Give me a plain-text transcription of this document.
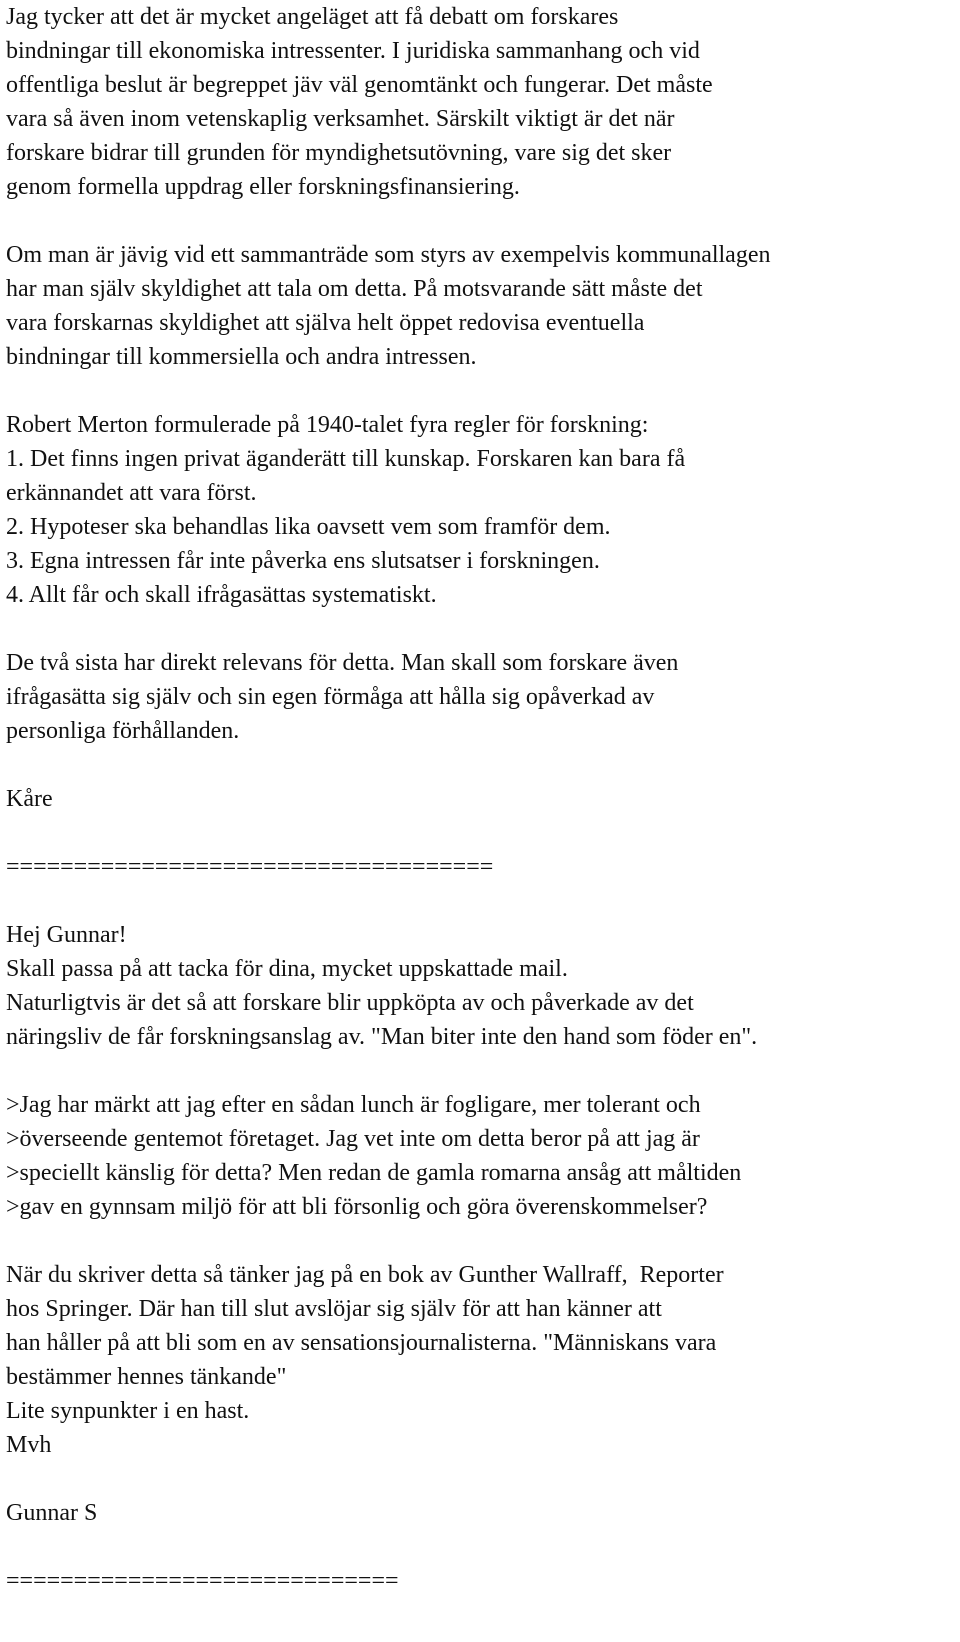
Jag tycker att det är mycket angeläget att få debatt om forskares
bindningar till ekonomiska intressenter. I juridiska sammanhang och vid
offentliga beslut är begreppet jäv väl genomtänkt och fungerar. Det måste
vara så även inom vetenskaplig verksamhet. Särskilt viktigt är det när
forskare bidrar till grunden för myndighetsutövning, vare sig det sker
genom formella uppdrag eller forskningsfinansiering.
Om man är jävig vid ett sammanträde som styrs av exempelvis kommunallagen
har man själv skyldighet att tala om detta. På motsvarande sätt måste det
vara forskarnas skyldighet att själva helt öppet redovisa eventuella
bindningar till kommersiella och andra intressen.
Robert Merton formulerade på 1940-talet fyra regler för forskning:
1. Det finns ingen privat äganderätt till kunskap. Forskaren kan bara få
erkännandet att vara först.
2. Hypoteser ska behandlas lika oavsett vem som framför dem.
3. Egna intressen får inte påverka ens slutsatser i forskningen.
4. Allt får och skall ifrågasättas systematiskt.
De två sista har direkt relevans för detta. Man skall som forskare även
ifrågasätta sig själv och sin egen förmåga att hålla sig opåverkad av
personliga förhållanden.
Kåre
====================================
Hej Gunnar!
Skall passa på att tacka för dina, mycket uppskattade mail.
Naturligtvis är det så att forskare blir uppköpta av och påverkade av det
näringsliv de får forskningsanslag av. "Man biter inte den hand som föder en".
>Jag har märkt att jag efter en sådan lunch är fogligare, mer tolerant och
>överseende gentemot företaget. Jag vet inte om detta beror på att jag är
>speciellt känslig för detta? Men redan de gamla romarna ansåg att måltiden
>gav en gynnsam miljö för att bli försonlig och göra överenskommelser?
När du skriver detta så tänker jag på en bok av Gunther Wallraff,  Reporter
hos Springer. Där han till slut avslöjar sig själv för att han känner att
han håller på att bli som en av sensationsjournalisterna. "Människans vara
bestämmer hennes tänkande"
Lite synpunkter i en hast.
Mvh
Gunnar S
=============================
